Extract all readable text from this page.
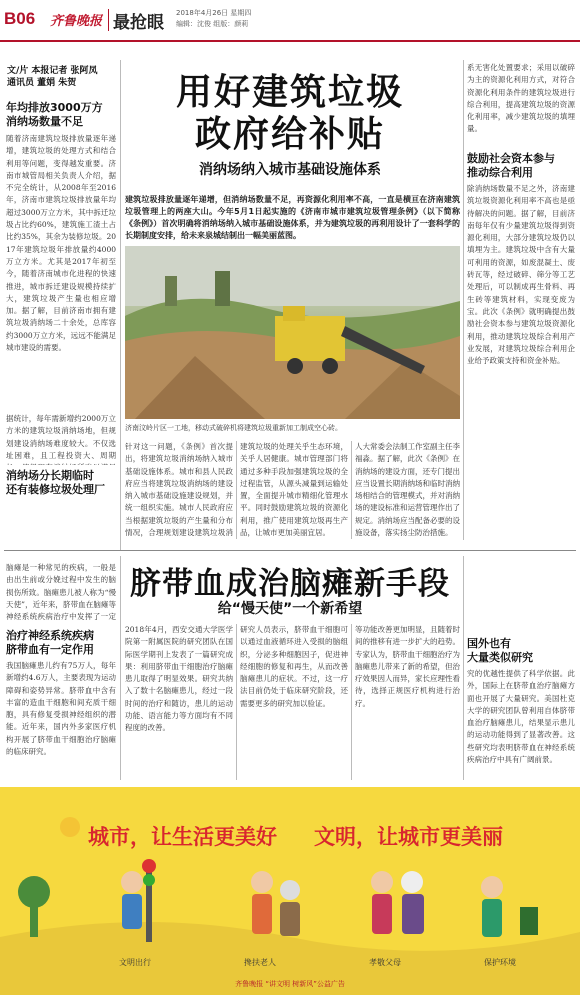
B06 齐鲁晚报 最抢眼 2018年4月26日 星期四
编辑：沈俊 组版：颜莉
文/片 本报记者 张阿凤
通讯员 董娟 朱贺	用好建筑垃圾
政府给补贴
消纳场纳入城市基础设施体系
年均排放3000万方
消纳场数量不足
随着济南建筑垃圾排放量逐年递增，建筑垃圾的处理方式和结合利用等问题，变得越发重要。济南市城管局相关负责人介绍，据不完全统计，从2008年至2016年，济南市建筑垃圾排放量年均超过3000万立方米，其中拆迁垃圾占比约60%，建筑施工渣土占比约35%，其余为装修垃圾。2017年建筑垃圾年排放量约4000万立方米。尤其是2017年初至今，随着济南城市化进程的快速推进，城市拆迁建设规模持续扩大，建筑垃圾产生量也相应增加。据了解，目前济南市拥有建筑垃圾消纳场二十余处，总库容约3000万立方米，远远不能满足城市建设的需要。
据统计，每年需新增约2000万立方米的建筑垃圾消纳场地，但规划建设消纳场难度较大。不仅选址困难，且工程投资大、周期
消纳场分长期临时
还有装修垃圾处理厂
建筑垃圾排放量逐年递增，但消纳场数量不足，再资源化利用率不高，一直是横亘在济南建筑垃圾管理上的两座大山。今年5月1日起实施的《济南市城市建筑垃圾管理条例》（以下简称《条例》）首次明确将消纳场纳入城市基础设施体系，并为建筑垃圾的再利用设计了一套科学的长期制度安排，给未来泉城结制出一幅美丽蓝图。
济南汶岭片区一工地，移动式破碎机将建筑垃圾重新加工制成空心砖。
针对这一问题，《条例》首次提出，将建筑垃圾消纳场纳入城市基础设施体系。城市和县人民政府应当将建筑垃圾消纳场的建设纳入城市基础设施建设规划，并统一组织实施。城市人民政府应当根据建筑垃圾的产生量和分布情况，合理规划建设建筑垃圾消
建筑垃圾的处理关乎生态环境，关乎人居健康。城市管理部门将通过多种手段加强建筑垃圾的全过程监管，从源头减量到运输处置，全面提升城市精细化管理水平。同时鼓励建筑垃圾的资源化利用，推广使用建筑垃圾再生产品，让城市更加美丽宜居。
人大常委会法制工作室副主任李福淼。据了解，此次《条例》在消纳场的建设方面，还专门提出应当设置长期消纳场和临时消纳场相结合的管理模式，并对消纳场的建设标准和运营管理作出了规定。消纳场应当配备必要的设施设备，落实扬尘防治措施。
系无害化处置要求；采用以破碎为主的资源化利用方式，对符合资源化利用条件的建筑垃圾进行综合利用，提高建筑垃圾的资源化利用率，减少建筑垃圾的填埋量。
鼓励社会资本参与
推动综合利用
除消纳场数量不足之外，济南建筑垃圾资源化利用率不高也是亟待解决的问题。据了解，目前济南每年仅有少量建筑垃圾得到资源化利用，大部分建筑垃圾仍以填埋为主。建筑垃圾中含有大量可利用的资源，如废混凝土、废砖瓦等，经过破碎、筛分等工艺处理后，可以制成再生骨料、再生砖等建筑材料，实现变废为宝。此次《条例》就明确提出鼓励社会资本参与建筑垃圾资源化利用，推动建筑垃圾综合利用产业发展，对建筑垃圾综合利用企业给予政策支持和资金补贴。
脐带血成治脑瘫新手段
给“慢天使”一个新希望
脑瘫是一种常见的疾病，一般是由出生前或分娩过程中发生的脑损伤所致。脑瘫患儿被人称为“慢天使”，近年来，脐带血在脑瘫等神经系统疾病治疗中发挥了一定
治疗神经系统疾病
脐带血有一定作用
我国脑瘫患儿约有75万人，每年新增约4.6万人，主要表现为运动障碍和姿势异常。脐带血中含有丰富的造血干细胞和间充质干细胞，具有修复受损神经组织的潜能。近年来，国内外多家医疗机构开展了脐带血干细胞治疗脑瘫的临床研究。
2018年4月，西安交通大学医学院第一附属医院的研究团队在国际医学期刊上发表了一篇研究成果：利用脐带血干细胞治疗脑瘫患儿取得了明显效果。研究共纳入了数十名脑瘫患儿，经过一段时间的治疗和随访，患儿的运动功能、语言能力等方面均有不同程度的改善。
研究人员表示，脐带血干细胞可以通过血液循环进入受损的脑组织，分泌多种细胞因子，促进神经细胞的修复和再生，从而改善脑瘫患儿的症状。不过，这一疗法目前仍处于临床研究阶段，还需要更多的研究加以验证。
等功能改善更加明显，且随着时间的推移有进一步扩大的趋势。专家认为，脐带血干细胞治疗为脑瘫患儿带来了新的希望，但治疗效果因人而异，家长应理性看待，选择正规医疗机构进行治疗。
国外也有
大量类似研究
究的优越性提供了科学依据。此外，国际上在脐带血治疗脑瘫方面也开展了大量研究。美国杜克大学的研究团队曾利用自体脐带血治疗脑瘫患儿，结果显示患儿的运动功能得到了显著改善。这些研究均表明脐带血在神经系统疾病治疗中具有广阔前景。
城市，让生活更美好 文明，让城市更美丽
文明出行	搀扶老人	孝敬父母	保护环境
齐鲁晚报 “讲文明 树新风”公益广告
